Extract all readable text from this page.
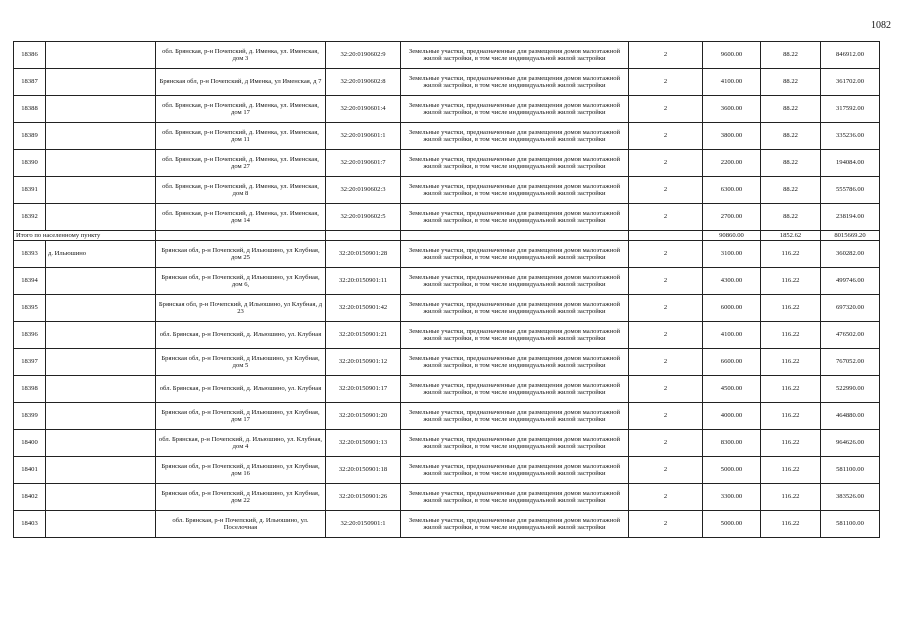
1082
18386		обл. Брянская, р-н Почепский, д. Именка, ул. Именская, дом 3	32:20:0190602:9	Земельные участки, предназначенные для размещения домов малоэтажной жилой застройки, в том числе индивидуальной жилой застройки	2	9600.00	88.22	846912.00
18387		Брянская обл, р-н Почепский, д Именка, ул Именская, д 7	32:20:0190602:8	Земельные участки, предназначенные для размещения домов малоэтажной жилой застройки, в том числе индивидуальной жилой застройки	2	4100.00	88.22	361702.00
18388		обл. Брянская, р-н Почепский, д. Именка, ул. Именская, дом 17	32:20:0190601:4	Земельные участки, предназначенные для размещения домов малоэтажной жилой застройки, в том числе индивидуальной жилой застройки	2	3600.00	88.22	317592.00
18389		обл. Брянская, р-н Почепский, д. Именка, ул. Именская, дом 11	32:20:0190601:1	Земельные участки, предназначенные для размещения домов малоэтажной жилой застройки, в том числе индивидуальной жилой застройки	2	3800.00	88.22	335236.00
18390		обл. Брянская, р-н Почепский, д. Именка, ул. Именская, дом 27	32:20:0190601:7	Земельные участки, предназначенные для размещения домов малоэтажной жилой застройки, в том числе индивидуальной жилой застройки	2	2200.00	88.22	194084.00
18391		обл. Брянская, р-н Почепский, д. Именка, ул. Именская, дом 8	32:20:0190602:3	Земельные участки, предназначенные для размещения домов малоэтажной жилой застройки, в том числе индивидуальной жилой застройки	2	6300.00	88.22	555786.00
18392		обл. Брянская, р-н Почепский, д. Именка, ул. Именская, дом 14	32:20:0190602:5	Земельные участки, предназначенные для размещения домов малоэтажной жилой застройки, в том числе индивидуальной жилой застройки	2	2700.00	88.22	238194.00
Итого по населенному пункту						90860.00	1852.62	8015669.20
18393	д. Ильюшино	Брянская обл, р-н Почепский, д Ильюшино, ул Клубная, дом 25	32:20:0150901:28	Земельные участки, предназначенные для размещения домов малоэтажной жилой застройки, в том числе индивидуальной жилой застройки	2	3100.00	116.22	360282.00
18394		Брянская обл, р-н Почепский, д Ильюшино, ул Клубная, дом 6,	32:20:0150901:11	Земельные участки, предназначенные для размещения домов малоэтажной жилой застройки, в том числе индивидуальной жилой застройки	2	4300.00	116.22	499746.00
18395		Брянская обл, р-н Почепский, д Ильюшино, ул Клубная, д 23	32:20:0150901:42	Земельные участки, предназначенные для размещения домов малоэтажной жилой застройки, в том числе индивидуальной жилой застройки	2	6000.00	116.22	697320.00
18396		обл. Брянская, р-н Почепский, д. Ильюшино, ул. Клубная	32:20:0150901:21	Земельные участки, предназначенные для размещения домов малоэтажной жилой застройки, в том числе индивидуальной жилой застройки	2	4100.00	116.22	476502.00
18397		Брянская обл, р-н Почепский, д Ильюшино, ул Клубная, дом 5	32:20:0150901:12	Земельные участки, предназначенные для размещения домов малоэтажной жилой застройки, в том числе индивидуальной жилой застройки	2	6600.00	116.22	767052.00
18398		обл. Брянская, р-н Почепский, д. Ильюшино, ул. Клубная	32:20:0150901:17	Земельные участки, предназначенные для размещения домов малоэтажной жилой застройки, в том числе индивидуальной жилой застройки	2	4500.00	116.22	522990.00
18399		Брянская обл, р-н Почепский, д Ильюшино, ул Клубная, дом 17	32:20:0150901:20	Земельные участки, предназначенные для размещения домов малоэтажной жилой застройки, в том числе индивидуальной жилой застройки	2	4000.00	116.22	464880.00
18400		обл. Брянская, р-н Почепский, д. Ильюшино, ул. Клубная, дом 4	32:20:0150901:13	Земельные участки, предназначенные для размещения домов малоэтажной жилой застройки, в том числе индивидуальной жилой застройки	2	8300.00	116.22	964626.00
18401		Брянская обл, р-н Почепский, д Ильюшино, ул Клубная, дом 16	32:20:0150901:18	Земельные участки, предназначенные для размещения домов малоэтажной жилой застройки, в том числе индивидуальной жилой застройки	2	5000.00	116.22	581100.00
18402		Брянская обл, р-н Почепский, д Ильюшино, ул Клубная, дом 22	32:20:0150901:26	Земельные участки, предназначенные для размещения домов малоэтажной жилой застройки, в том числе индивидуальной жилой застройки	2	3300.00	116.22	383526.00
18403		обл. Брянская, р-н Почепский, д. Ильюшино, ул. Поселочная	32:20:0150901:1	Земельные участки, предназначенные для размещения домов малоэтажной жилой застройки, в том числе индивидуальной жилой застройки	2	5000.00	116.22	581100.00
